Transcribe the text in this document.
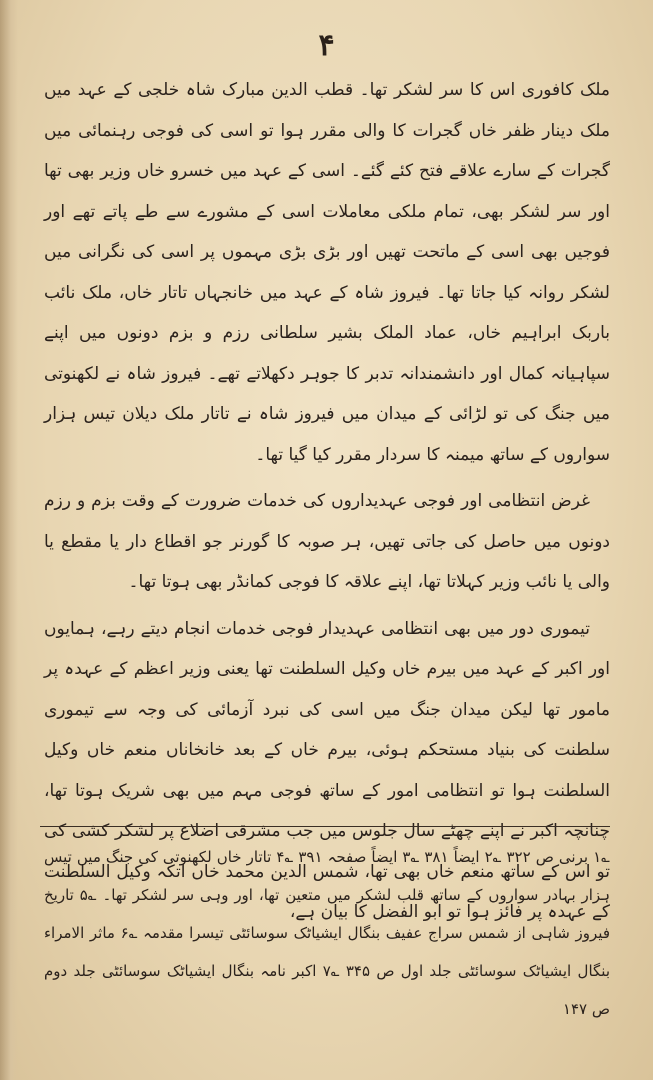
۴

ملک کافوری اس کا سر لشکر تھا۔ قطب الدین مبارک شاہ خلجی کے عہد میں ملک دینار ظفر خاں گجرات کا والی مقرر ہوا تو اسی کی فوجی رہنمائی میں گجرات کے سارے علاقے فتح کئے گئے۔ اسی کے عہد میں خسرو خاں وزیر بھی تھا اور سر لشکر بھی، تمام ملکی معاملات اسی کے مشورے سے طے پاتے تھے اور فوجیں بھی اسی کے ماتحت تھیں اور بڑی بڑی مہموں پر اسی کی نگرانی میں لشکر روانہ کیا جاتا تھا۔ فیروز شاہ کے عہد میں خانجہاں تاتار خاں، ملک نائب باربک ابراہیم خاں، عماد الملک بشیر سلطانی رزم و بزم دونوں میں اپنے سپاہیانہ کمال اور دانشمندانہ تدبر کا جوہر دکھلاتے تھے۔ فیروز شاہ نے لکھنوتی میں جنگ کی تو لڑائی کے میدان میں فیروز شاہ نے تاتار ملک دیلان تیس ہزار سواروں کے ساتھ میمنہ کا سردار مقرر کیا گیا تھا۔

غرض انتظامی اور فوجی عہدیداروں کی خدمات ضرورت کے وقت بزم و رزم دونوں میں حاصل کی جاتی تھیں، ہر صوبہ کا گورنر جو اقطاع دار یا مقطع یا والی یا نائب وزیر کہلاتا تھا، اپنے علاقہ کا فوجی کمانڈر بھی ہوتا تھا۔

تیموری دور میں بھی انتظامی عہدیدار فوجی خدمات انجام دیتے رہے، ہمایوں اور اکبر کے عہد میں بیرم خاں وکیل السلطنت تھا یعنی وزیر اعظم کے عہدہ پر مامور تھا لیکن میدان جنگ میں اسی کی نبرد آزمائی کی وجہ سے تیموری سلطنت کی بنیاد مستحکم ہوئی، بیرم خاں کے بعد خانخاناں منعم خاں وکیل السلطنت ہوا تو انتظامی امور کے ساتھ فوجی مہم میں بھی شریک ہوتا تھا، چنانچہ اکبر نے اپنے چھٹے سال جلوس میں جب مشرقی اضلاع پر لشکر کشی کی تو اس کے ساتھ منعم خاں بھی تھا، شمس الدین محمد خاں اتکہ وکیل السلطنت کے عہدہ پر فائز ہوا تو ابو الفضل کا بیان ہے،

؎۱ برنی ص ۳۲۲ ؎۲ ایضاً ۳۸۱ ؎۳ ایضاً صفحہ ۳۹۱ ؎۴ تاتار خاں لکھنوتی کی جنگ میں تیس ہزار بہادر سواروں کے ساتھ قلب لشکر میں متعین تھا، اور وہی سر لشکر تھا۔ ؎۵ تاریخ فیروز شاہی از شمس سراج عفیف بنگال ایشیاٹک سوسائٹی تیسرا مقدمہ ؎۶ ماثر الامراء بنگال ایشیاٹک سوسائٹی جلد اول ص ۳۴۵ ؎۷ اکبر نامہ بنگال ایشیاٹک سوسائٹی جلد دوم ص ۱۴۷
